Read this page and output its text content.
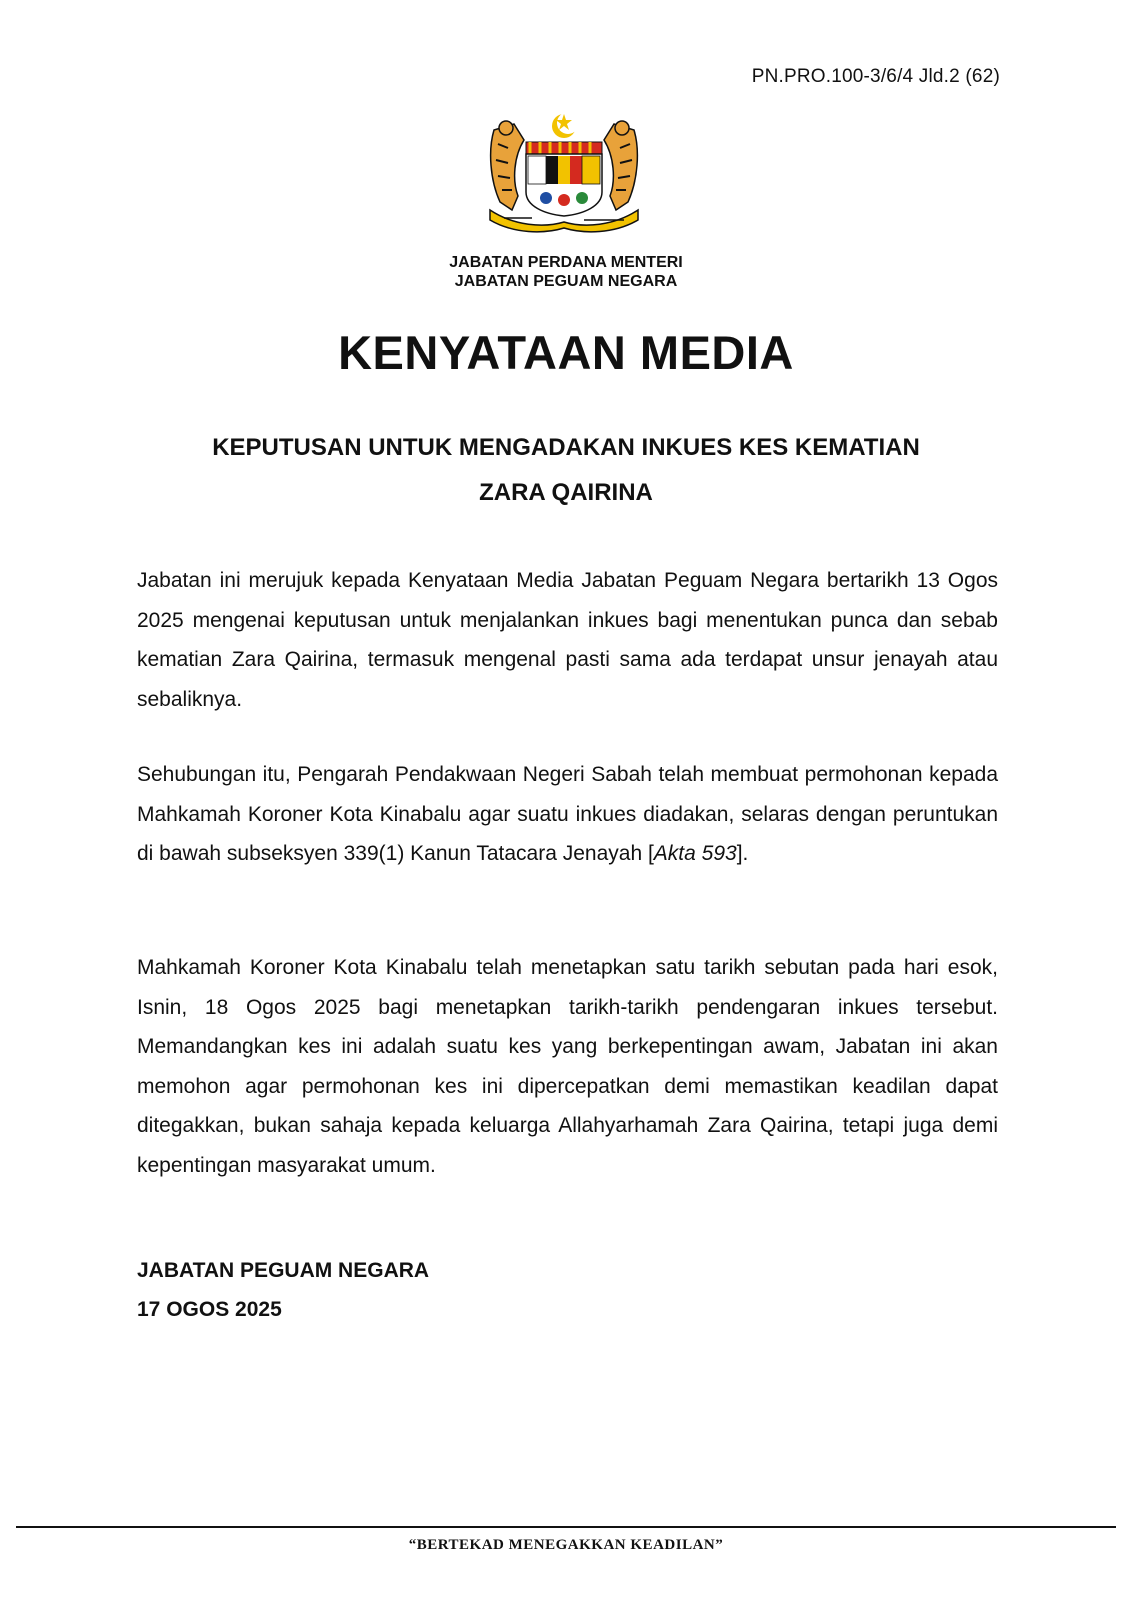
PN.PRO.100-3/6/4 Jld.2 (62)
JABATAN PERDANA MENTERI
JABATAN PEGUAM NEGARA
KENYATAAN MEDIA
KEPUTUSAN UNTUK MENGADAKAN INKUES KES KEMATIAN
ZARA QAIRINA

Jabatan ini merujuk kepada Kenyataan Media Jabatan Peguam Negara bertarikh 13 Ogos 2025 mengenai keputusan untuk menjalankan inkues bagi menentukan punca dan sebab kematian Zara Qairina, termasuk mengenal pasti sama ada terdapat unsur jenayah atau sebaliknya.

Sehubungan itu, Pengarah Pendakwaan Negeri Sabah telah membuat permohonan kepada Mahkamah Koroner Kota Kinabalu agar suatu inkues diadakan, selaras dengan peruntukan di bawah subseksyen 339(1) Kanun Tatacara Jenayah [Akta 593].

Mahkamah Koroner Kota Kinabalu telah menetapkan satu tarikh sebutan pada hari esok, Isnin, 18 Ogos 2025 bagi menetapkan tarikh-tarikh pendengaran inkues tersebut. Memandangkan kes ini adalah suatu kes yang berkepentingan awam, Jabatan ini akan memohon agar permohonan kes ini dipercepatkan demi memastikan keadilan dapat ditegakkan, bukan sahaja kepada keluarga Allahyarhamah Zara Qairina, tetapi juga demi kepentingan masyarakat umum.

JABATAN PEGUAM NEGARA
17 OGOS 2025
“BERTEKAD MENEGAKKAN KEADILAN”
